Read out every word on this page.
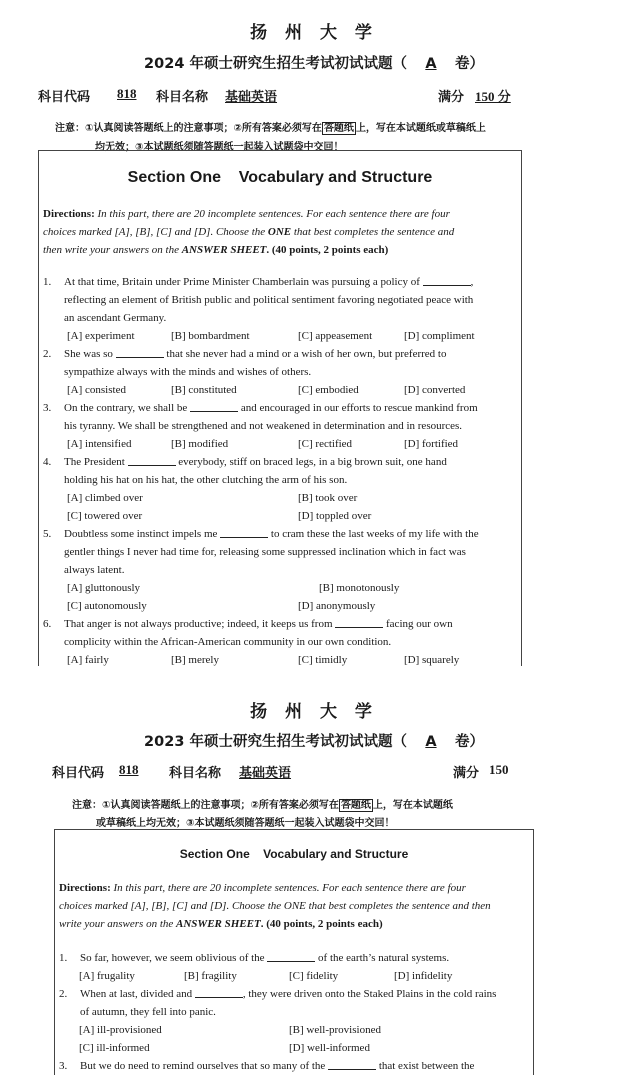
扬 州 大 学
2024 年硕士研究生招生考试初试试题（ A 卷）
科目代码 818 科目名称 基础英语	满分 150 分
注意：①认真阅读答题纸上的注意事项；②所有答案必须写在 答题纸 上，写在本试题纸或草稿纸上
均无效；③本试题纸须随答题纸一起装入试题袋中交回！
Section One    Vocabulary and Structure
Directions: In this part, there are 20 incomplete sentences. For each sentence there are four
choices marked [A], [B], [C] and [D]. Choose the ONE that best completes the sentence and
then write your answers on the ANSWER SHEET. (40 points, 2 points each)
1. At that time, Britain under Prime Minister Chamberlain was pursuing a policy of	,
reflecting an element of British public and political sentiment favoring negotiated peace with
an ascendant Germany.
[A] experiment	[B] bombardment	[C] appeasement	[D] compliment
2. She was so	that she never had a mind or a wish of her own, but preferred to
sympathize always with the minds and wishes of others.
[A] consisted	[B] constituted	[C] embodied	[D] converted
3. On the contrary, we shall be	and encouraged in our efforts to rescue mankind from
his tyranny. We shall be strengthened and not weakened in determination and in resources.
[A] intensified	[B] modified	[C] rectified	[D] fortified
4. The President	everybody, stiff on braced legs, in a big brown suit, one hand
holding his hat on his hat, the other clutching the arm of his son.
[A] climbed over	[B] took over
[C] towered over	[D] toppled over
5. Doubtless some instinct impels me	to cram these the last weeks of my life with the
gentler things I never had time for, releasing some suppressed inclination which in fact was
always latent.
[A] gluttonously	[B] monotonously
[C] autonomously	[D] anonymously
6. That anger is not always productive; indeed, it keeps us from	facing our own
complicity within the African-American community in our own condition.
[A] fairly	[B] merely	[C] timidly	[D] squarely
扬 州 大 学
2023 年硕士研究生招生考试初试试题（ A 卷）
科目代码 818 科目名称 基础英语	满分 150
注意：①认真阅读答题纸上的注意事项；②所有答案必须写在 答题纸 上，写在本试题纸
或草稿纸上均无效；③本试题纸须随答题纸一起装入试题袋中交回！
Section One    Vocabulary and Structure
Directions: In this part, there are 20 incomplete sentences. For each sentence there are four
choices marked [A], [B], [C] and [D]. Choose the ONE that best completes the sentence and then
write your answers on the ANSWER SHEET. (40 points, 2 points each)
1. So far, however, we seem oblivious of the	of the earth’s natural systems.
[A] frugality	[B] fragility	[C] fidelity	[D] infidelity
2. When at last, divided and	, they were driven onto the Staked Plains in the cold rains
of autumn, they fell into panic.
[A] ill-provisioned	[B] well-provisioned
[C] ill-informed	[D] well-informed
3. But we do need to remind ourselves that so many of the	that exist between the
